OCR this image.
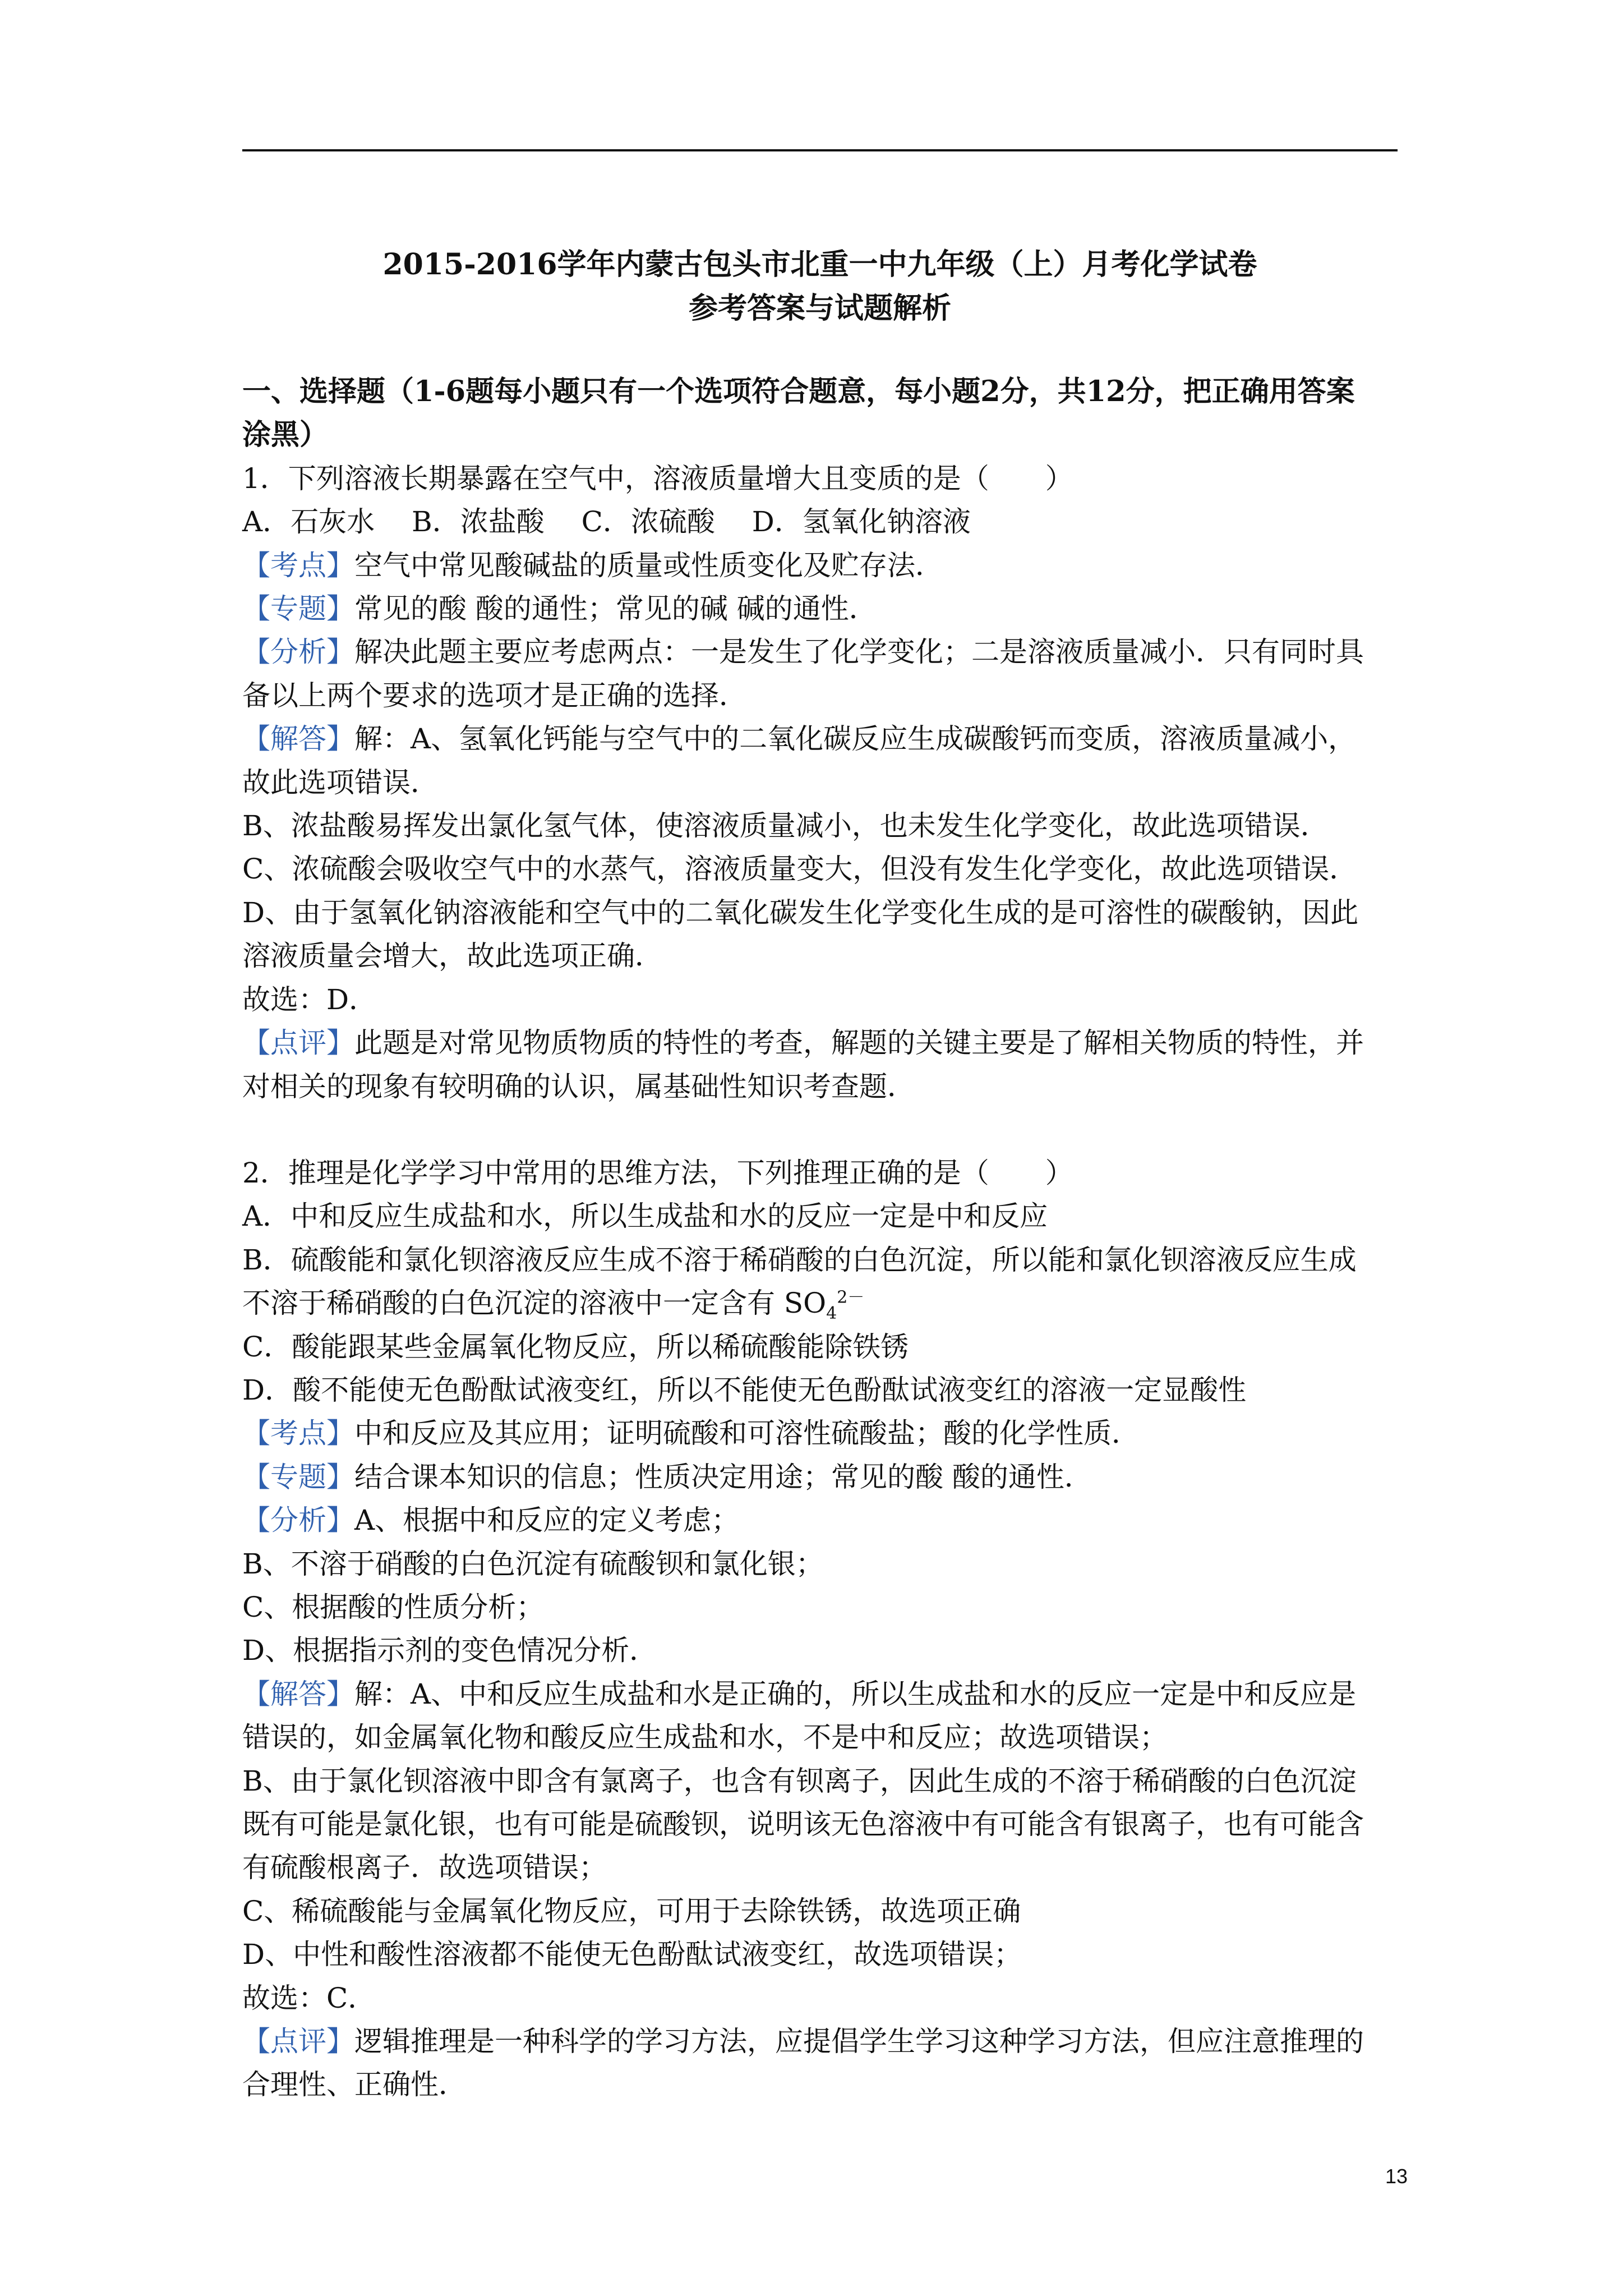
2015-2016学年内蒙古包头市北重一中九年级（上）月考化学试卷
参考答案与试题解析
一、选择题（1-6题每小题只有一个选项符合题意，每小题2分，共12分，把正确用答案
涂黑）
1．下列溶液长期暴露在空气中，溶液质量增大且变质的是（　　）
A．石灰水　 B．浓盐酸　 C．浓硫酸　 D．氢氧化钠溶液
【考点】空气中常见酸碱盐的质量或性质变化及贮存法．
【专题】常见的酸 酸的通性；常见的碱 碱的通性．
【分析】解决此题主要应考虑两点：一是发生了化学变化；二是溶液质量减小．只有同时具
备以上两个要求的选项才是正确的选择．
【解答】解：A、氢氧化钙能与空气中的二氧化碳反应生成碳酸钙而变质，溶液质量减小，
故此选项错误．
B、浓盐酸易挥发出氯化氢气体，使溶液质量减小，也未发生化学变化，故此选项错误．
C、浓硫酸会吸收空气中的水蒸气，溶液质量变大，但没有发生化学变化，故此选项错误．
D、由于氢氧化钠溶液能和空气中的二氧化碳发生化学变化生成的是可溶性的碳酸钠，因此
溶液质量会增大，故此选项正确．
故选：D．
【点评】此题是对常见物质物质的特性的考查，解题的关键主要是了解相关物质的特性，并
对相关的现象有较明确的认识，属基础性知识考查题．
2．推理是化学学习中常用的思维方法，下列推理正确的是（　　）
A．中和反应生成盐和水，所以生成盐和水的反应一定是中和反应
B．硫酸能和氯化钡溶液反应生成不溶于稀硝酸的白色沉淀，所以能和氯化钡溶液反应生成
不溶于稀硝酸的白色沉淀的溶液中一定含有 $SO_4^{2-}$
C．酸能跟某些金属氧化物反应，所以稀硫酸能除铁锈
D．酸不能使无色酚酞试液变红，所以不能使无色酚酞试液变红的溶液一定显酸性
【考点】中和反应及其应用；证明硫酸和可溶性硫酸盐；酸的化学性质．
【专题】结合课本知识的信息；性质决定用途；常见的酸 酸的通性．
【分析】A、根据中和反应的定义考虑；
B、不溶于硝酸的白色沉淀有硫酸钡和氯化银；
C、根据酸的性质分析；
D、根据指示剂的变色情况分析．
【解答】解：A、中和反应生成盐和水是正确的，所以生成盐和水的反应一定是中和反应是
错误的，如金属氧化物和酸反应生成盐和水，不是中和反应；故选项错误；
B、由于氯化钡溶液中即含有氯离子，也含有钡离子，因此生成的不溶于稀硝酸的白色沉淀
既有可能是氯化银，也有可能是硫酸钡，说明该无色溶液中有可能含有银离子，也有可能含
有硫酸根离子．故选项错误；
C、稀硫酸能与金属氧化物反应，可用于去除铁锈，故选项正确
D、中性和酸性溶液都不能使无色酚酞试液变红，故选项错误；
故选：C．
【点评】逻辑推理是一种科学的学习方法，应提倡学生学习这种学习方法，但应注意推理的
合理性、正确性．
13
